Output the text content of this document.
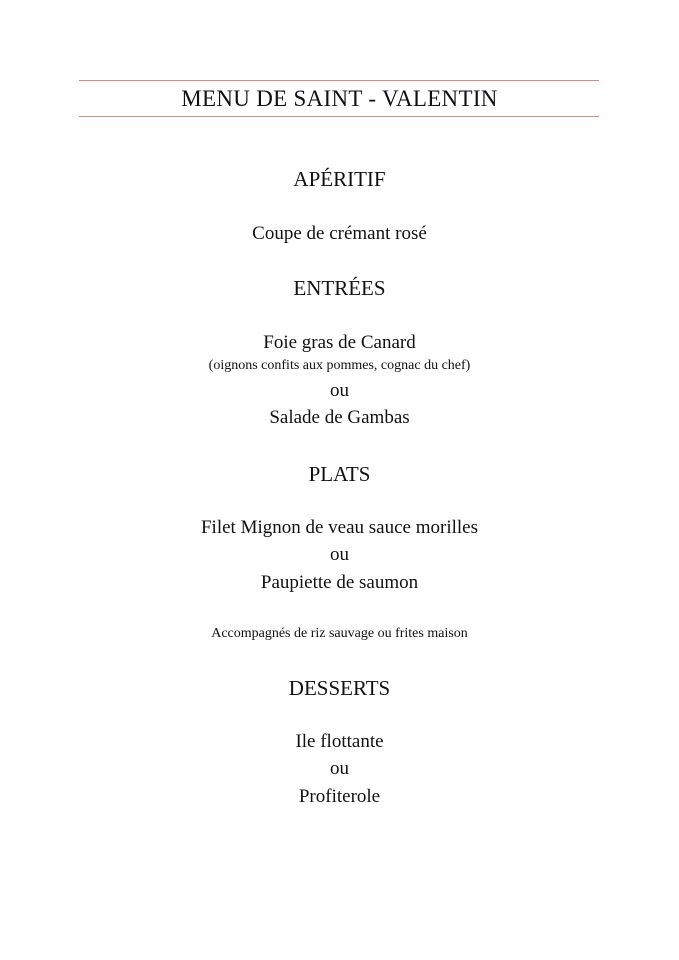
MENU DE SAINT - VALENTIN
APÉRITIF
Coupe de crémant rosé
ENTRÉES
Foie gras de Canard
(oignons confits aux pommes, cognac du chef)
ou
Salade de Gambas
PLATS
Filet Mignon de veau sauce morilles
ou
Paupiette de saumon
Accompagnés de riz sauvage ou frites maison
DESSERTS
Ile flottante
ou
Profiterole
